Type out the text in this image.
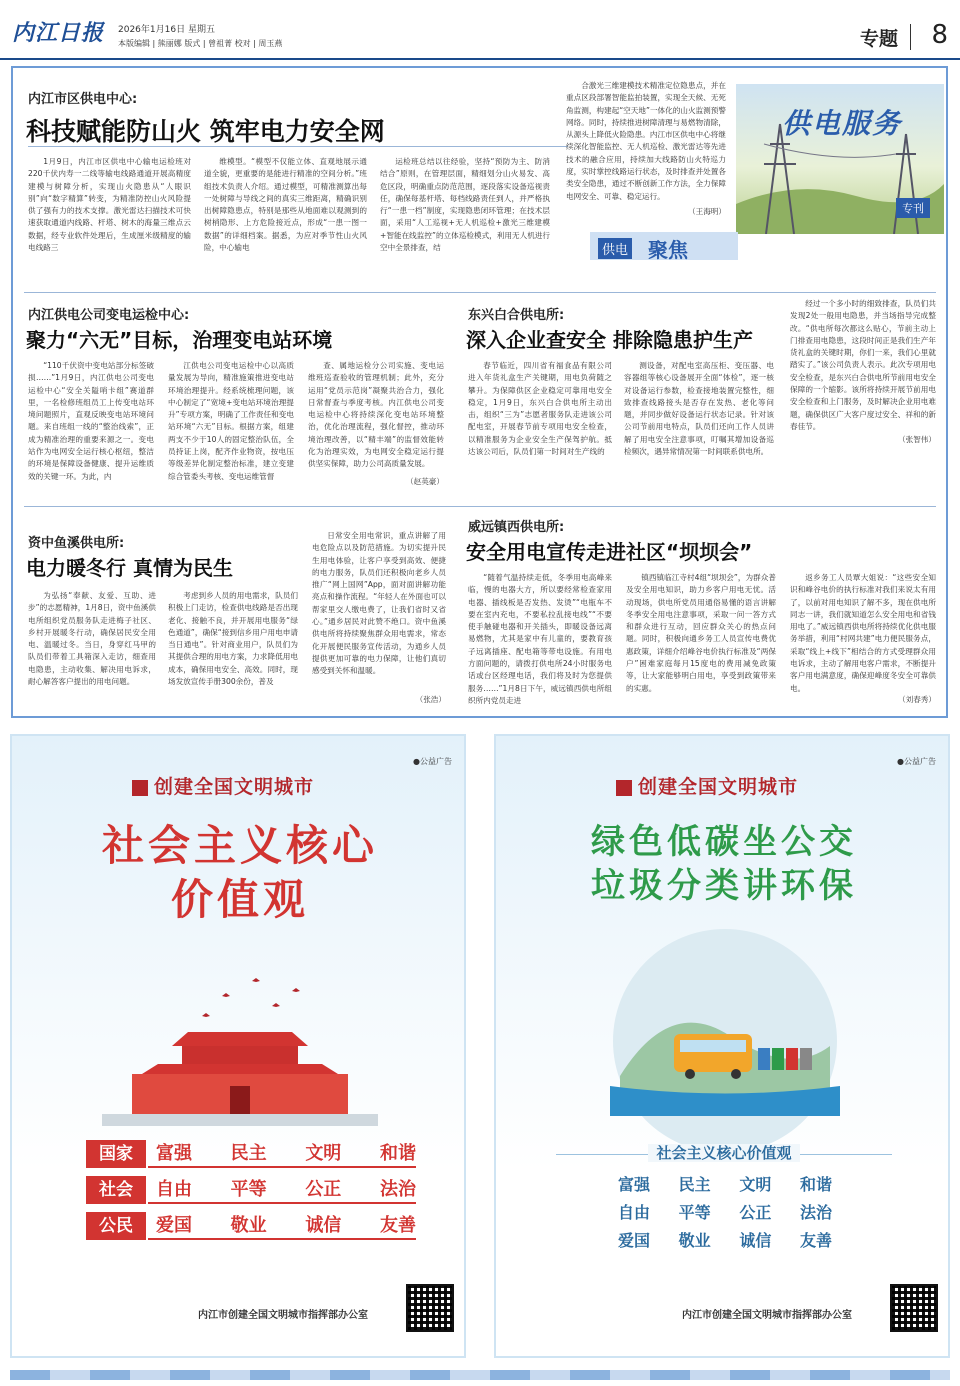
内江日报 2026年1月16日 星期五
本版编辑 | 熊丽娜 版式 | 曾祖菁 校对 | 周玉燕	专题 8
供电服务
专刊
内江市区供电中心:
科技赋能防山火 筑牢电力安全网

1月9日，内江市区供电中心输电运检班对220千伏内寿一二线等输电线路通道开展高精度建模与树障分析，实现山火隐患从“人眼识别”向“数字精算”转变，为精准防控山火风险提供了强有力的技术支撑。激光雷达扫描技术可快速获取通道内线路、杆塔、树木的海量三维点云数据，经专业软件处理后，生成厘米级精度的输电线路三

维模型。“模型不仅能立体、直观地展示通道全貌，更重要的是能进行精准的空间分析。”班组技术负责人介绍。通过模型，可精准测算出每一处树障与导线之间的真实三维距离，精确识别出树障隐患点，特别是那些从地面难以观测到的树梢隐形、上方危险接近点，形成“一患一图一数据”的详细档案。据悉，为应对季节性山火风险，中心输电

运检班总结以往经验，坚持“预防为主、防消结合”原则，在管理层面，精细划分山火易发、高危区段，明确重点防范范围，逐段落实设备巡视责任，确保每基杆塔、每档线路责任到人，并严格执行“一患一档”制度，实现隐患闭环管理；在技术层面，采用“人工巡视+无人机巡检+激光三维建模+智能在线监控”的立体巡检模式，利用无人机进行空中全景排查，结

合激光三维建模技术精准定位隐患点，并在重点区段部署智能监拍装置，实现全天候、无死角监测，构建起“空天地”一体化的山火监测预警网络。同时，持续推进树障清理与易燃物清除，从源头上降低火险隐患。内江市区供电中心将继续深化智能监控、无人机巡检、激光雷达等先进技术的融合应用，持续加大线路防山火特巡力度，实时掌控线路运行状态，及时排查并处置各类安全隐患，通过不断创新工作方法，全力保障电网安全、可靠、稳定运行。

（王海明）
供电 聚焦
内江供电公司变电运检中心:
聚力“六无”目标，治理变电站环境

“110千伏资中变电站部分标签破损……”1月9日，内江供电公司变电运检中心“安全关隘哨卡组”赛道群里，一名检修班组员工上传变电站环境问题照片，直观反映变电站环境问题。来自班组一线的“整治线索”，正成为精准治理的重要来源之一。变电站作为电网安全运行核心枢纽，整洁的环境是保障设备健康、提升运维质效的关键一环。为此，内

江供电公司变电运检中心以高质量发展为导向，精准施策推进变电站环境治理提升。经系统梳理问题，该中心制定了“宽境+变电站环境治理提升”专项方案，明确了工作责任和变电站环境“六无”目标。根据方案，组建两支不少于10人的固定整治队伍，全员持证上岗，配齐作业物资，按电压等级差异化制定整治标准，建立变建综合管委头考核、变电运维管督

查、属地运检分公司实施、变电运维班巡查验收的管理机制；此外，充分运用“党员示范岗”凝聚共治合力，强化日常督查与季度考核。内江供电公司变电运检中心将持续深化变电站环境整治，优化治理流程，强化督控，推动环境治理改善，以“精丰端”的监督效能转化为治理实效，为电网安全稳定运行提供坚实保障，助力公司高质量发展。

（赵英豪）
东兴白合供电所:
深入企业查安全 排除隐患护生产

春节临近，四川省有福食品有限公司进入年货礼盒生产关键期，用电负荷随之攀升。为保障供区企业稳定可靠用电安全稳定，1月9日，东兴白合供电所主动出击，组织“三为”志愿者服务队走进该公司配电室，开展春节前专项用电安全检查，以精准服务为企业安全生产保驾护航。抵达该公司后，队员们第一时间对生产线的

测设备，对配电室高压柜、变压器、电容器组等核心设备展开全面“体检”，逐一核对设备运行参数，检查接地装置完整性，细致排查线路接头是否存在发热、老化等问题，并同步做好设备运行状态记录。针对该公司节前用电特点，队员们还向工作人员讲解了用电安全注意事项，叮嘱其增加设备巡检频次，遇异常情况第一时间联系供电所。

经过一个多小时的细致排查，队员们共发现2处一般用电隐患，并当场指导完成整改。“供电所每次都这么贴心，节前主动上门排查用电隐患，这段时间正是我们生产年货礼盒的关键时期，你们一来，我们心里就踏实了。”该公司负责人表示。此次专项用电安全检查，是东兴白合供电所节前用电安全保障的一个缩影。该所将持续开展节前用电安全检查和上门服务，及时解决企业用电难题，确保供区广大客户度过安全、祥和的新春佳节。

（张智伟）
资中鱼溪供电所:
电力暖冬行 真情为民生

为弘扬“奉献、友爱、互助、进步”的志愿精神，1月8日，资中鱼溪供电所组织党员服务队走进梅子社区、乡村开展暖冬行动，确保居民安全用电、温暖过冬。当日，身穿红马甲的队员们带着工具箱深入走访，细查用电隐患，主动收集、解决用电诉求，耐心解答客户提出的用电问题。

考虑到乡人员的用电需求，队员们积极上门走访，检查供电线路是否出现老化、接触不良，并开展用电服务“绿色通道”，确保“接到信乡用户用电申请当日通电”。针对商业用户，队员们为其提供合理的用电方案，力求降低用电成本，确保用电安全、高效。同时，现场发放宣传手册300余份，普及

日常安全用电常识，重点讲解了用电危险点以及防范措施。为切实提升民生用电体验，让客户享受到高效、便捷的电力服务，队员们还积极向老乡人员推广“网上国网”App，面对面讲解功能亮点和操作流程。“年轻人在外面也可以帮家里交人缴电费了，让我们省时又省心。”通乡居民对此赞不绝口。资中鱼溪供电所将持续聚焦群众用电需求，常态化开展便民服务宣传活动，为通乡人员提供更加可靠的电力保障，让他们真切感受到关怀和温暖。

（张浩）
威远镇西供电所:
安全用电宣传走进社区“坝坝会”

“随着气温持续走低，冬季用电高峰来临，慢的电器大方，所以要经常检查家用电器、插线板是否发热、发烫”“电瓶车不要在室内充电，不要私拉乱接电线”“不要使手触碰电器和开关插头，即暖设备远离易燃物，尤其是家中有儿童的，要教育孩子远离插座、配电箱等带电设施。有用电方面问题的，请拨打供电所24小时服务电话或台区经理电话，我们将及时为您提供服务……”1月8日下午，威远镇西供电所组织所内党员走进

镇西镇临江寺村4组“坝坝会”，为群众普及安全用电知识，助力乡客户用电无忧。活动现场，供电所党员用通俗易懂的语言讲解冬季安全用电注意事项，采取一问一答方式和群众进行互动，回应群众关心的热点问题。同时，积极向通乡务工人员宣传电费优惠政策，详细介绍峰谷电价执行标准及“两保户”困难家庭每月15度电的费用减免政策等，让大家能够明白用电，享受到政策带来的实惠。

返乡务工人员覃大姐说：“这些安全知识和峰谷电价的执行标准对我们来说太有用了，以前对用电知识了解不多，现在供电所同志一讲，我们就知道怎么安全用电和省钱用电了。”威远镇西供电所将持续优化供电服务举措，利用“村网共建”电力便民服务点，采取“线上+线下”相结合的方式受理群众用电诉求，主动了解用电客户需求，不断提升客户用电满意度，确保迎峰度冬安全可靠供电。

（刘春秀）
●公益广告
创建全国文明城市
社会主义核心
价值观
国家	富强 民主 文明 和谐
社会	自由 平等 公正 法治
公民	爱国 敬业 诚信 友善
内江市创建全国文明城市指挥部办公室
●公益广告
创建全国文明城市
绿色低碳坐公交
垃圾分类讲环保
社会主义核心价值观
富强 民主 文明 和谐
自由 平等 公正 法治
爱国 敬业 诚信 友善
内江市创建全国文明城市指挥部办公室
